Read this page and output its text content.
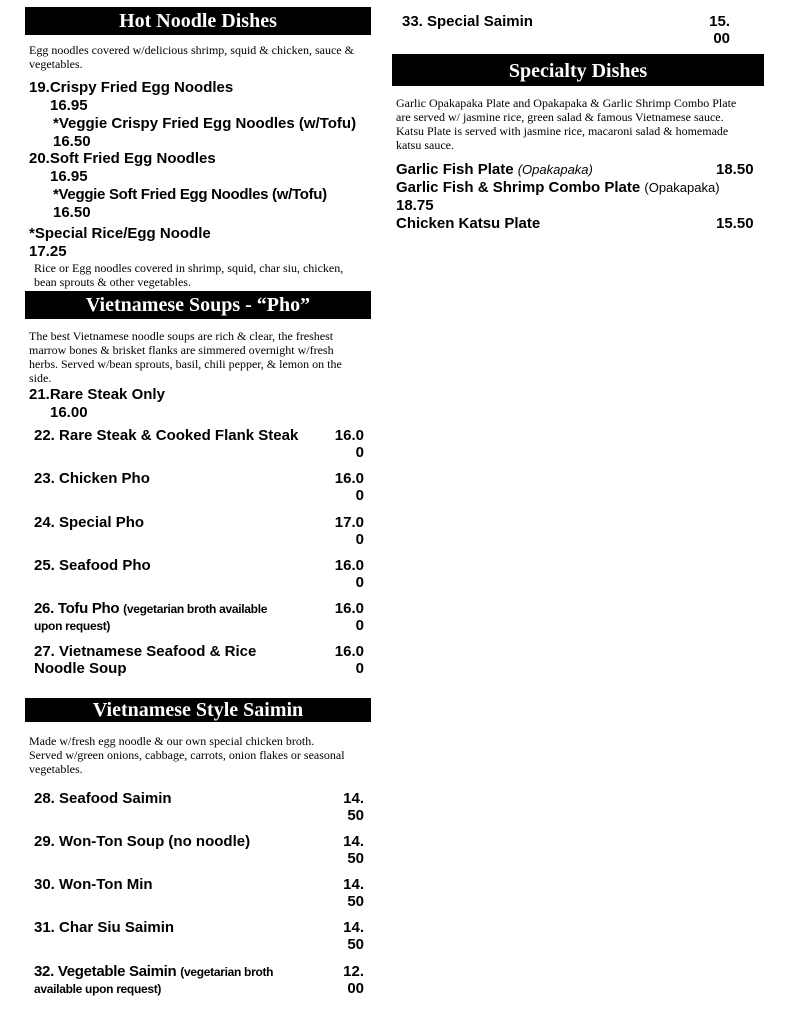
Hot Noodle Dishes
Egg noodles covered w/delicious shrimp, squid & chicken, sauce & vegetables.
19.Crispy Fried Egg Noodles
16.95
*Veggie Crispy Fried Egg Noodles (w/Tofu)
16.50
20.Soft Fried Egg Noodles
16.95
*Veggie Soft Fried Egg Noodles (w/Tofu)
16.50
*Special Rice/Egg Noodle
17.25
Rice or Egg noodles covered in shrimp, squid, char siu, chicken, bean sprouts & other vegetables.
Vietnamese Soups - “Pho”
The best Vietnamese noodle soups are rich & clear, the freshest marrow bones & brisket flanks are simmered overnight w/fresh herbs. Served w/bean sprouts, basil, chili pepper, & lemon on the side.
21.Rare Steak Only
16.00
22. Rare Steak & Cooked Flank Steak	16.0
0
23. Chicken Pho	16.0
0
24. Special Pho	17.0
0
25. Seafood Pho	16.0
0
26. Tofu Pho (vegetarian broth available
upon request)
16.0
0
27. Vietnamese Seafood & Rice
Noodle Soup
16.0
0
Vietnamese Style Saimin
Made w/fresh egg noodle & our own special chicken broth. Served w/green onions, cabbage, carrots, onion flakes or seasonal vegetables.
28. Seafood Saimin	14.
50
29. Won-Ton Soup (no noodle)	14.
50
30. Won-Ton Min	14.
50
31. Char Siu Saimin	14.
50
32. Vegetable Saimin (vegetarian broth
available upon request)
12.
00
33. Special Saimin	15.
00
Specialty Dishes
Garlic Opakapaka Plate and Opakapaka & Garlic Shrimp Combo Plate are served w/ jasmine rice, green salad & famous Vietnamese sauce. Katsu Plate is served with jasmine rice, macaroni salad & homemade katsu sauce.
Garlic Fish Plate (Opakapaka)	18.50
Garlic Fish & Shrimp Combo Plate (Opakapaka)
18.75
Chicken Katsu Plate	15.50
